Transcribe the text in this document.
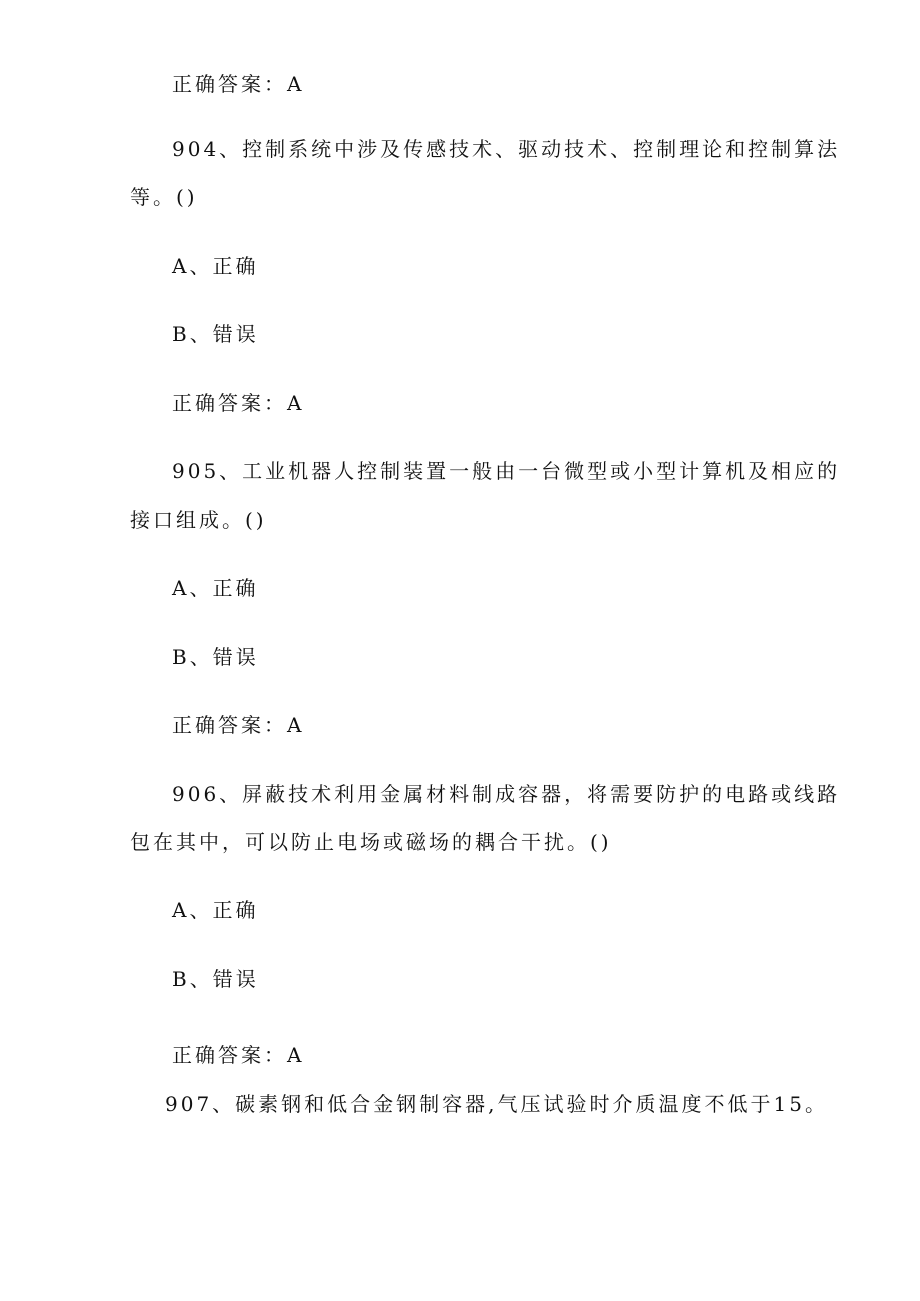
正确答案：A
904、控制系统中涉及传感技术、驱动技术、控制理论和控制算法
等。()
A、正确
B、错误
正确答案：A
905、工业机器人控制装置一般由一台微型或小型计算机及相应的
接口组成。()
A、正确
B、错误
正确答案：A
906、屏蔽技术利用金属材料制成容器，将需要防护的电路或线路
包在其中，可以防止电场或磁场的耦合干扰。()
A、正确
B、错误
正确答案：A
907、碳素钢和低合金钢制容器,气压试验时介质温度不低于15。
